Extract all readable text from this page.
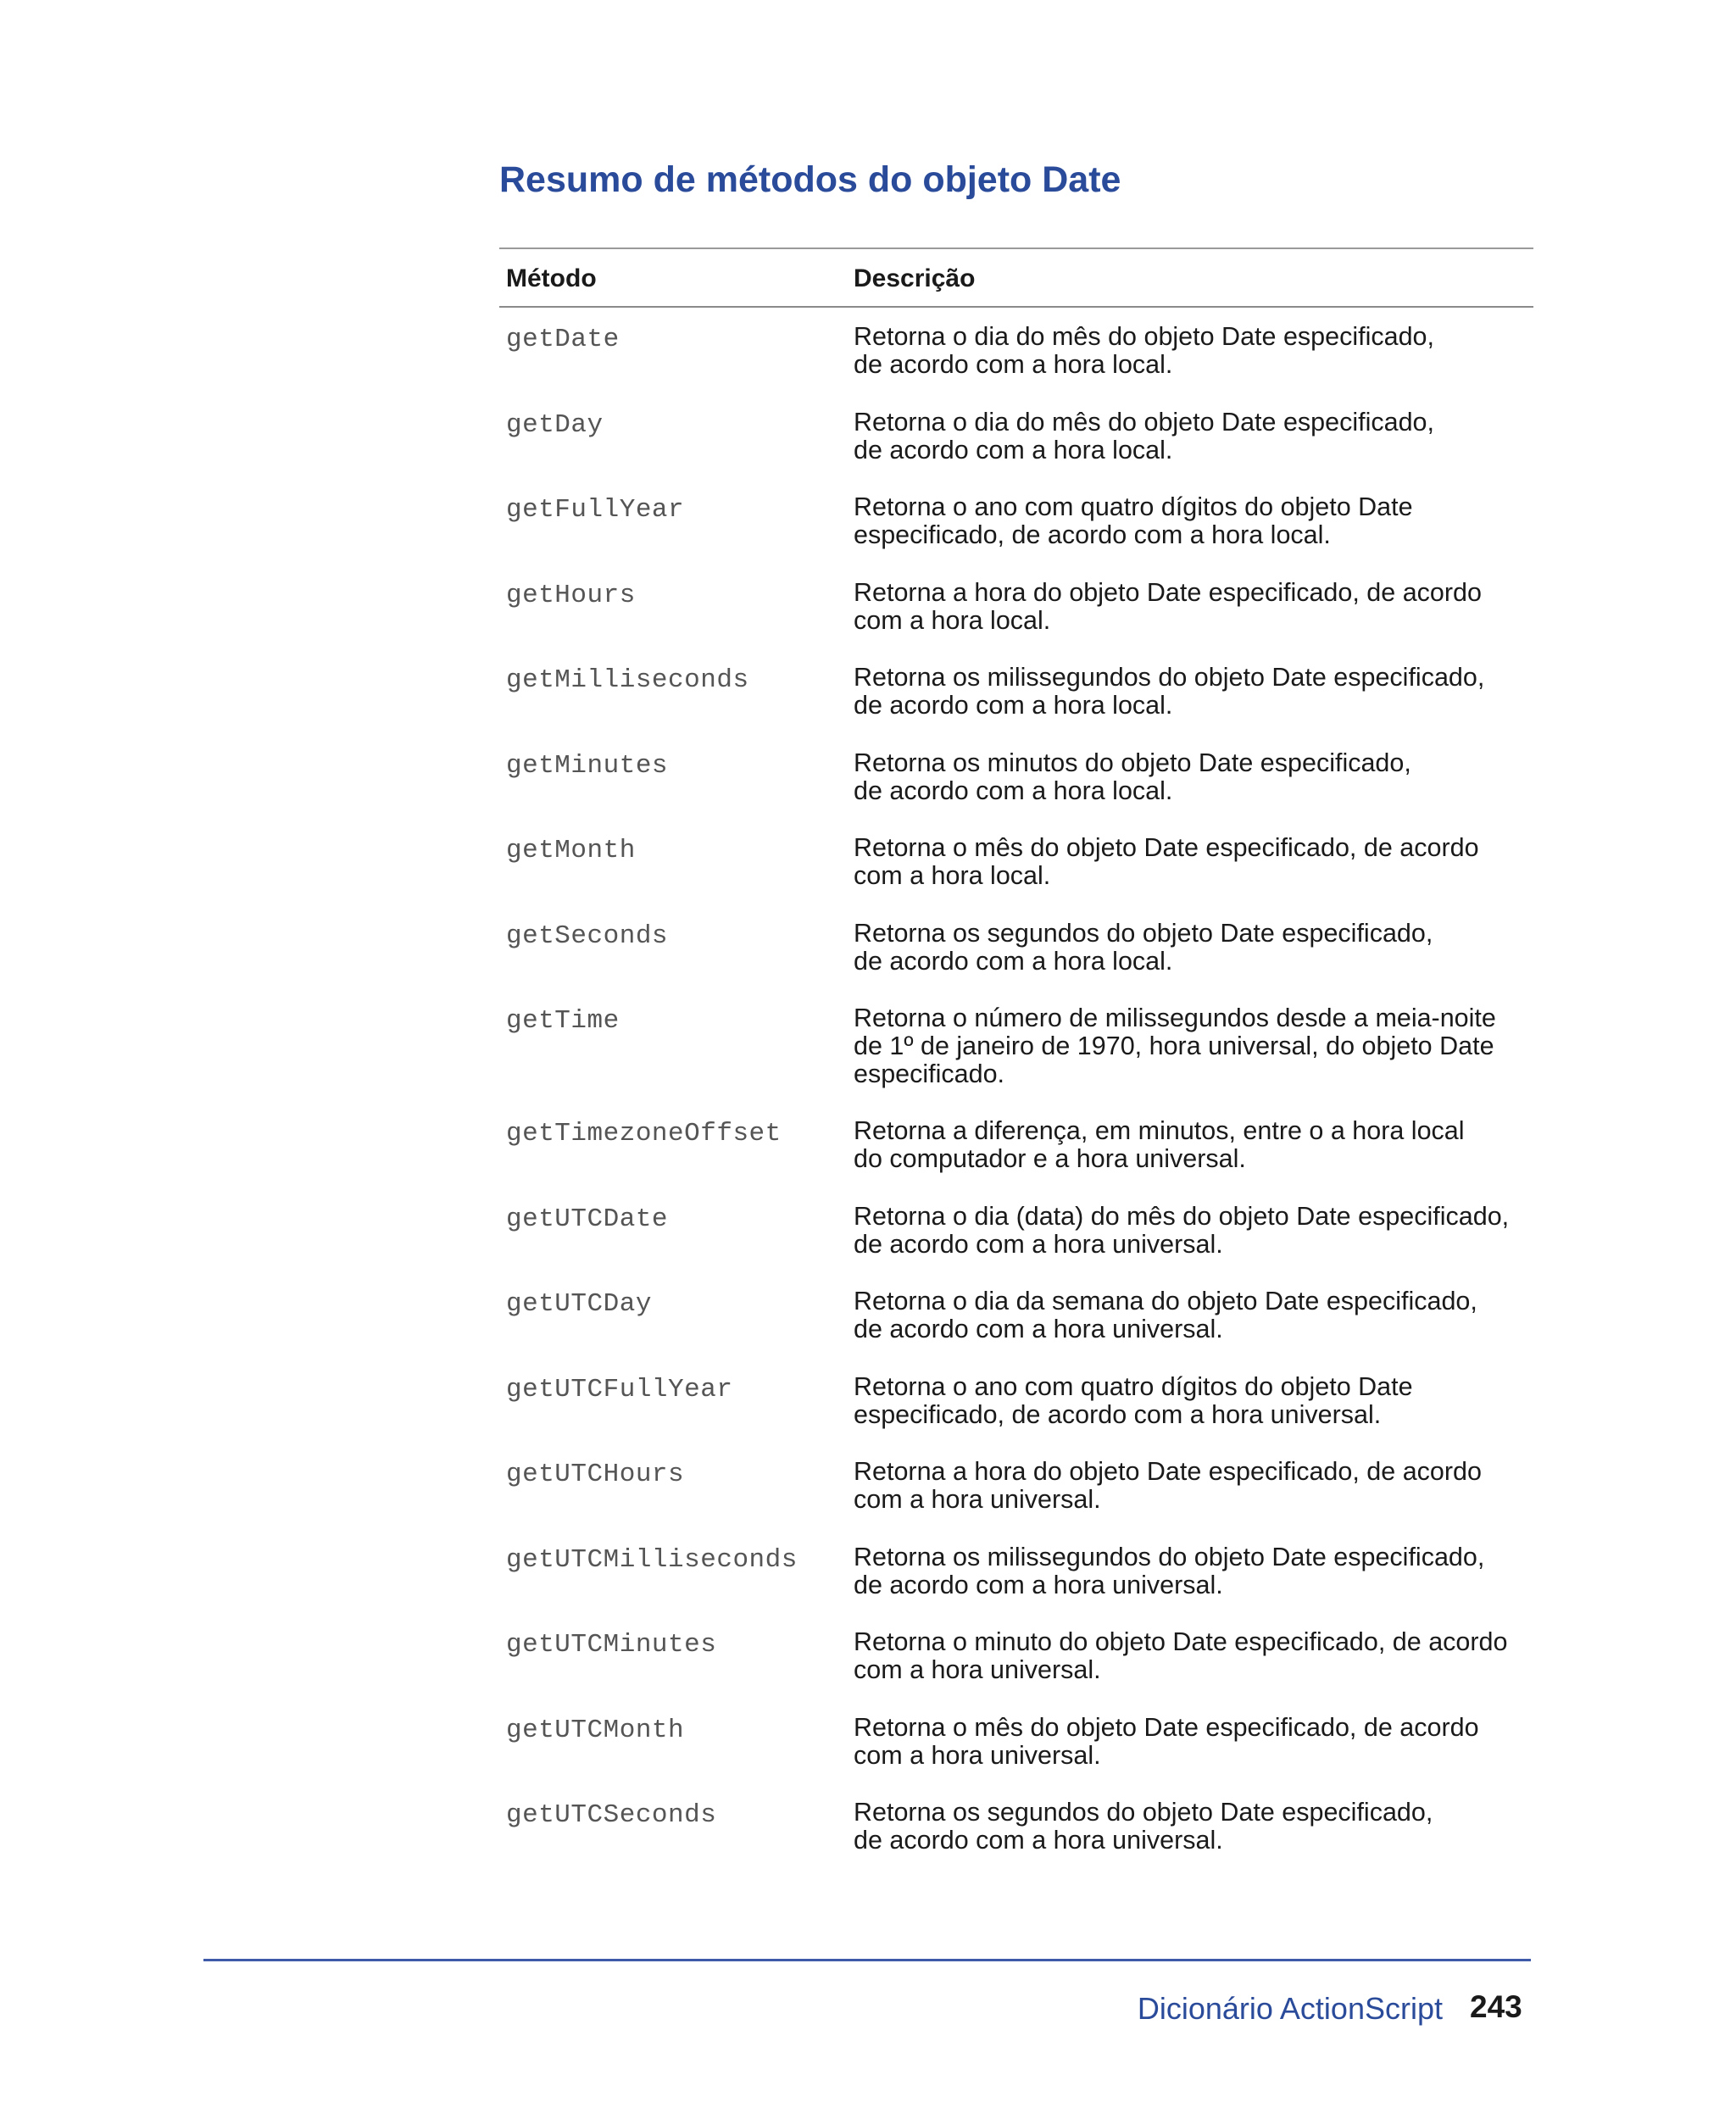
Resumo de métodos do objeto Date
Método	Descrição
getDate	Retorna o dia do mês do objeto Date especificado,
de acordo com a hora local.
getDay	Retorna o dia do mês do objeto Date especificado,
de acordo com a hora local.
getFullYear	Retorna o ano com quatro dígitos do objeto Date
especificado, de acordo com a hora local.
getHours	Retorna a hora do objeto Date especificado, de acordo
com a hora local.
getMilliseconds	Retorna os milissegundos do objeto Date especificado,
de acordo com a hora local.
getMinutes	Retorna os minutos do objeto Date especificado,
de acordo com a hora local.
getMonth	Retorna o mês do objeto Date especificado, de acordo
com a hora local.
getSeconds	Retorna os segundos do objeto Date especificado,
de acordo com a hora local.
getTime	Retorna o número de milissegundos desde a meia-noite
de 1º de janeiro de 1970, hora universal, do objeto Date
especificado.
getTimezoneOffset	Retorna a diferença, em minutos, entre o a hora local
do computador e a hora universal.
getUTCDate	Retorna o dia (data) do mês do objeto Date especificado,
de acordo com a hora universal.
getUTCDay	Retorna o dia da semana do objeto Date especificado,
de acordo com a hora universal.
getUTCFullYear	Retorna o ano com quatro dígitos do objeto Date
especificado, de acordo com a hora universal.
getUTCHours	Retorna a hora do objeto Date especificado, de acordo
com a hora universal.
getUTCMilliseconds Retorna os milissegundos do objeto Date especificado,
de acordo com a hora universal.
getUTCMinutes	Retorna o minuto do objeto Date especificado, de acordo
com a hora universal.
getUTCMonth	Retorna o mês do objeto Date especificado, de acordo
com a hora universal.
getUTCSeconds	Retorna os segundos do objeto Date especificado,
de acordo com a hora universal.
Dicionário ActionScript 243
